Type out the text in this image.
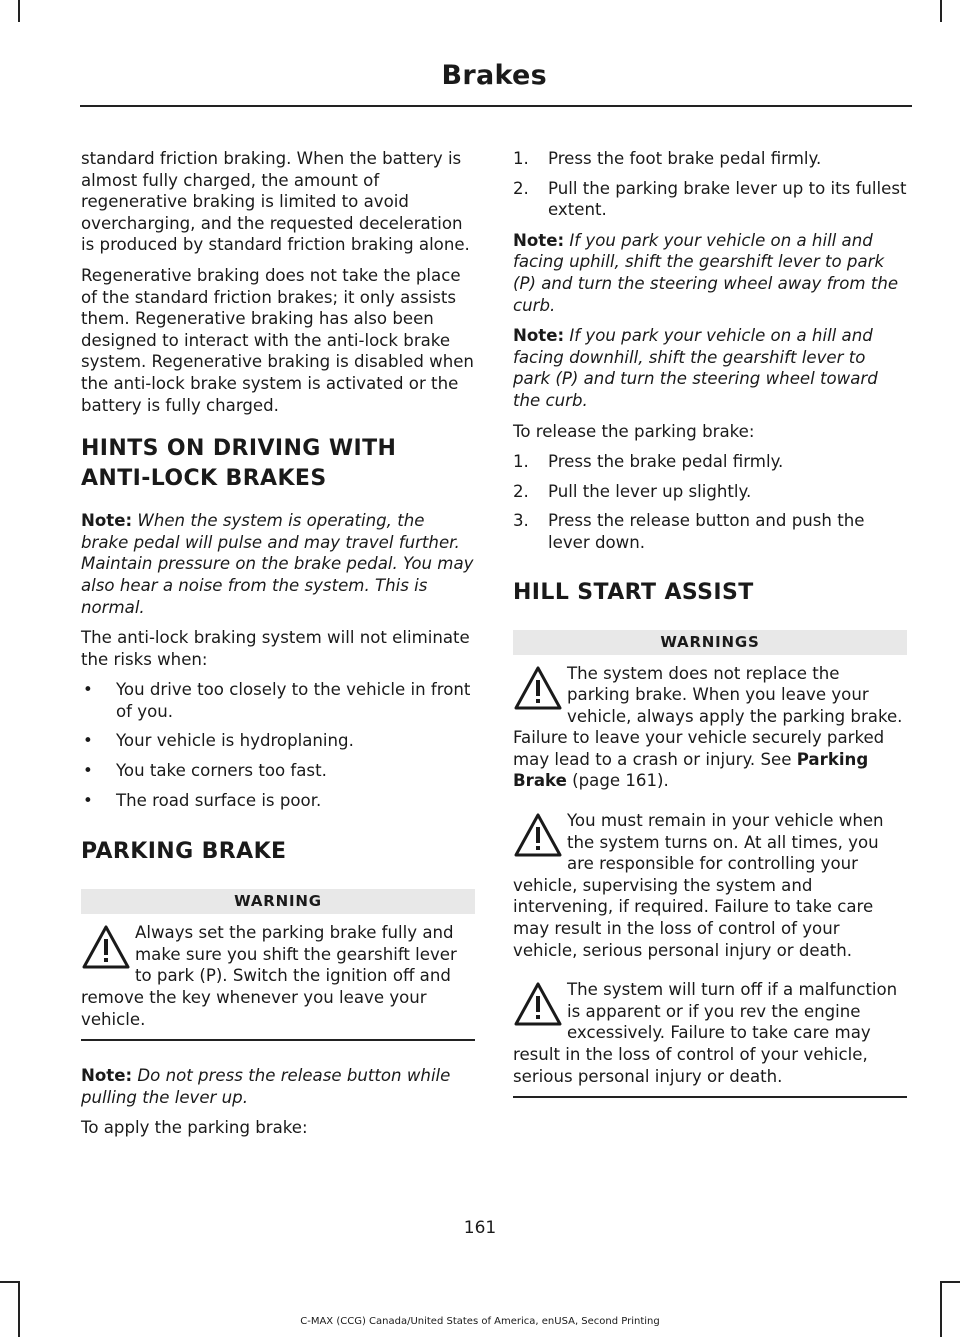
Brakes

standard friction braking. When the battery is almost fully charged, the amount of regenerative braking is limited to avoid overcharging, and the requested deceleration is produced by standard friction braking alone.

Regenerative braking does not take the place of the standard friction brakes; it only assists them. Regenerative braking has also been designed to interact with the anti-lock brake system. Regenerative braking is disabled when the anti-lock brake system is activated or the battery is fully charged.

HINTS ON DRIVING WITH
ANTI-LOCK BRAKES

Note: When the system is operating, the brake pedal will pulse and may travel further. Maintain pressure on the brake pedal. You may also hear a noise from the system. This is normal.

The anti-lock braking system will not eliminate the risks when:

• You drive too closely to the vehicle in front of you.
• Your vehicle is hydroplaning.
• You take corners too fast.
• The road surface is poor.
PARKING BRAKE
WARNING
Always set the parking brake fully and make sure you shift the gearshift lever to park (P). Switch the ignition off and remove the key whenever you leave your vehicle.

Note: Do not press the release button while pulling the lever up.

To apply the parking brake:

1. Press the foot brake pedal firmly.
2. Pull the parking brake lever up to its fullest extent.

Note: If you park your vehicle on a hill and facing uphill, shift the gearshift lever to park (P) and turn the steering wheel away from the curb.

Note: If you park your vehicle on a hill and facing downhill, shift the gearshift lever to park (P) and turn the steering wheel toward the curb.

To release the parking brake:

1. Press the brake pedal firmly.
2. Pull the lever up slightly.
3. Press the release button and push the lever down.
HILL START ASSIST
WARNINGS
The system does not replace the parking brake. When you leave your vehicle, always apply the parking brake. Failure to leave your vehicle securely parked may lead to a crash or injury. See Parking Brake (page 161).
You must remain in your vehicle when the system turns on. At all times, you are responsible for controlling your vehicle, supervising the system and intervening, if required. Failure to take care may result in the loss of control of your vehicle, serious personal injury or death.
The system will turn off if a malfunction is apparent or if you rev the engine excessively. Failure to take care may result in the loss of control of your vehicle, serious personal injury or death.
161
C-MAX (CCG) Canada/United States of America, enUSA, Second Printing
